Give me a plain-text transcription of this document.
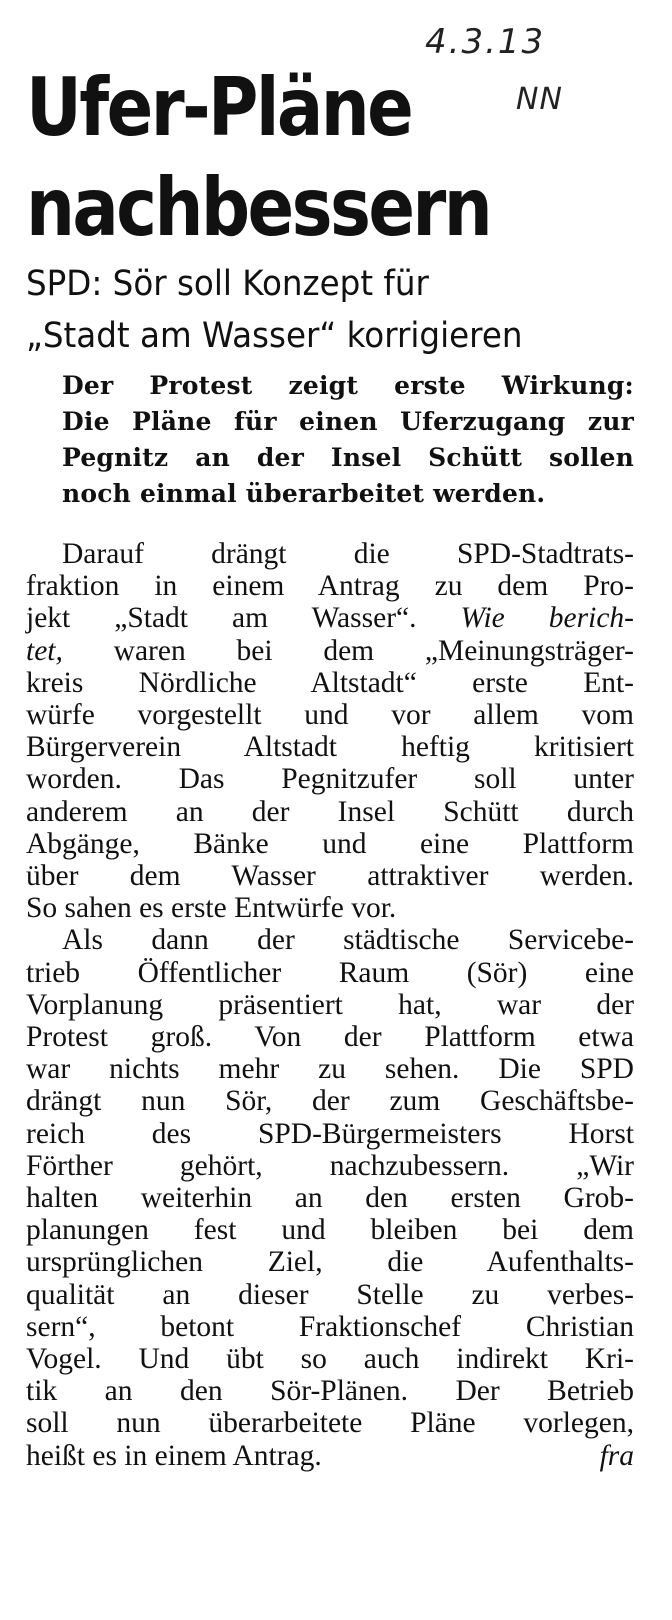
4.3.13
NN
Ufer-Pläne
nachbessern
SPD: Sör soll Konzept für
„Stadt am Wasser“ korrigieren

Der Protest zeigt erste Wirkung:
Die Pläne für einen Uferzugang zur
Pegnitz an der Insel Schütt sollen
noch einmal überarbeitet werden.

Darauf drängt die SPD-Stadtrats-
fraktion in einem Antrag zu dem Pro-
jekt „Stadt am Wasser“. Wie berich-
tet, waren bei dem „Meinungsträger-
kreis Nördliche Altstadt“ erste Ent-
würfe vorgestellt und vor allem vom
Bürgerverein Altstadt heftig kritisiert
worden. Das Pegnitzufer soll unter
anderem an der Insel Schütt durch
Abgänge, Bänke und eine Plattform
über dem Wasser attraktiver werden.
So sahen es erste Entwürfe vor.
Als dann der städtische Servicebe-
trieb Öffentlicher Raum (Sör) eine
Vorplanung präsentiert hat, war der
Protest groß. Von der Plattform etwa
war nichts mehr zu sehen. Die SPD
drängt nun Sör, der zum Geschäftsbe-
reich des SPD-Bürgermeisters Horst
Förther gehört, nachzubessern. „Wir
halten weiterhin an den ersten Grob-
planungen fest und bleiben bei dem
ursprünglichen Ziel, die Aufenthalts-
qualität an dieser Stelle zu verbes-
sern“, betont Fraktionschef Christian
Vogel. Und übt so auch indirekt Kri-
tik an den Sör-Plänen. Der Betrieb
soll nun überarbeitete Pläne vorlegen,
heißt es in einem Antrag.	fra
